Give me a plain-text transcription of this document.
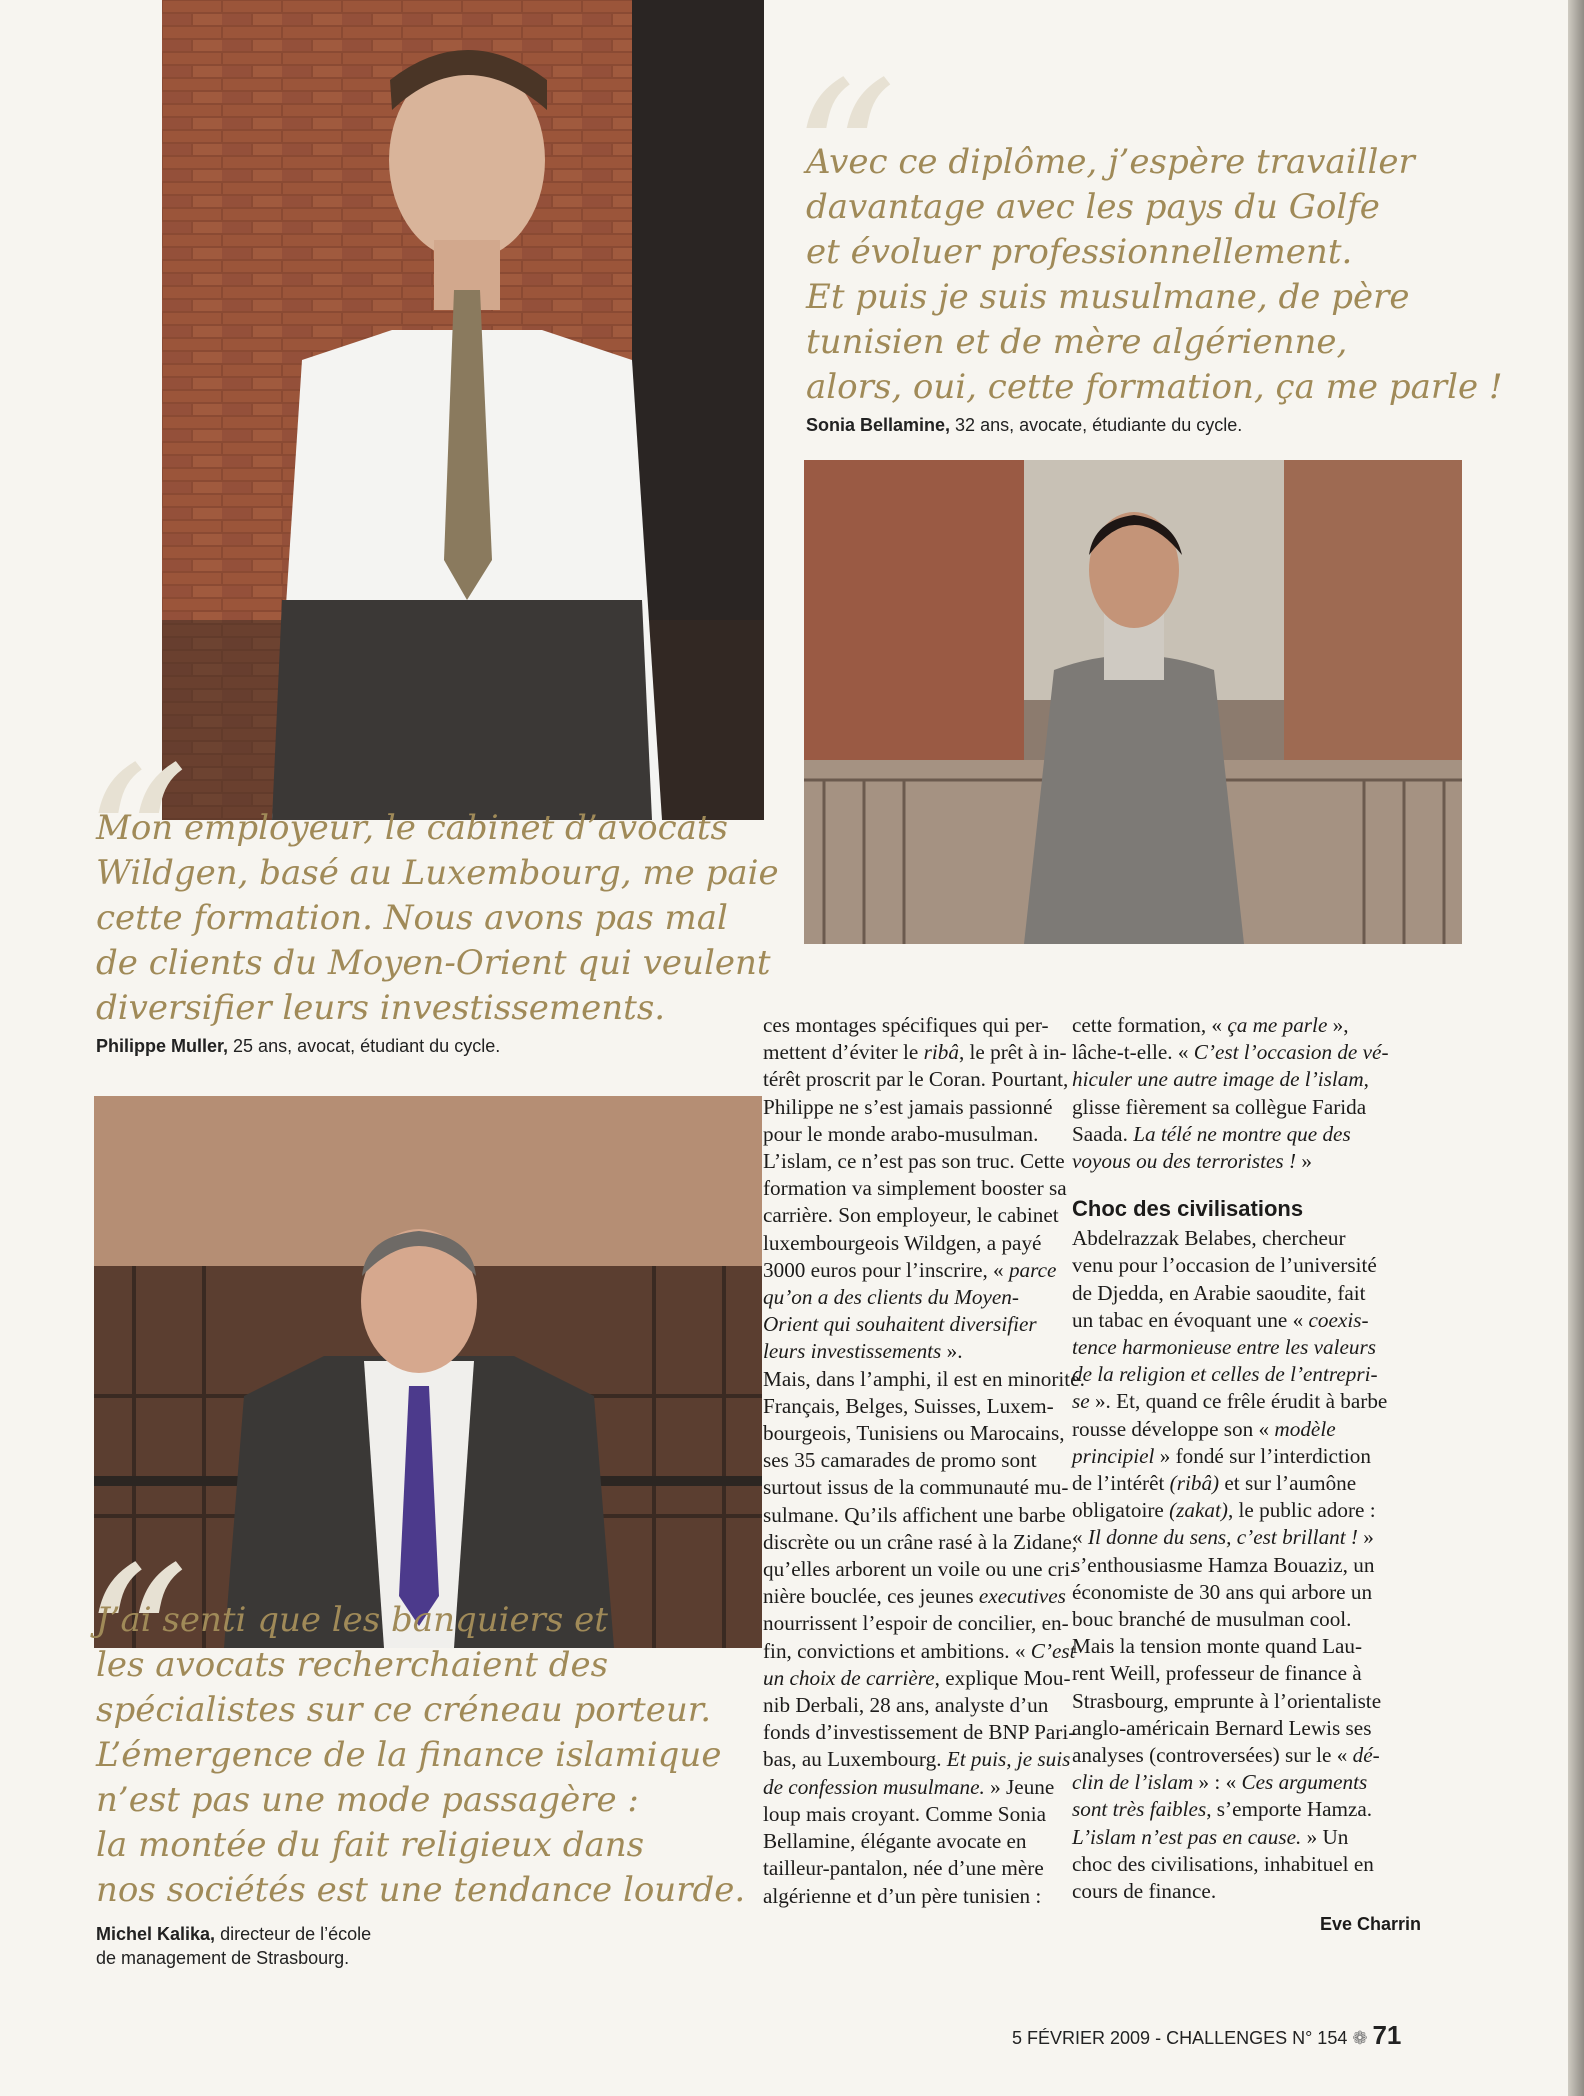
“
Avec ce diplôme, j’espère travailler
davantage avec les pays du Golfe
et évoluer professionnellement.
Et puis je suis musulmane, de père
tunisien et de mère algérienne,
alors, oui, cette formation, ça me parle !
Sonia Bellamine, 32 ans, avocate, étudiante du cycle.
“
Mon employeur, le cabinet d’avocats
Wildgen, basé au Luxembourg, me paie
cette formation. Nous avons pas mal
de clients du Moyen-Orient qui veulent
diversifier leurs investissements.
Philippe Muller, 25 ans, avocat, étudiant du cycle.
“
J’ai senti que les banquiers et
les avocats recherchaient des
spécialistes sur ce créneau porteur.
L’émergence de la finance islamique
n’est pas une mode passagère :
la montée du fait religieux dans
nos sociétés est une tendance lourde.
Michel Kalika, directeur de l’école
de management de Strasbourg.
ces montages spécifiques qui per-
mettent d’éviter le ribâ, le prêt à in-
térêt proscrit par le Coran. Pourtant,
Philippe ne s’est jamais passionné
pour le monde arabo-musulman.
L’islam, ce n’est pas son truc. Cette
formation va simplement booster sa
carrière. Son employeur, le cabinet
luxembourgeois Wildgen, a payé
3000 euros pour l’inscrire, « parce
qu’on a des clients du Moyen-
Orient qui souhaitent diversifier
leurs investissements ».
Mais, dans l’amphi, il est en minorité.
Français, Belges, Suisses, Luxem-
bourgeois, Tunisiens ou Marocains,
ses 35 camarades de promo sont
surtout issus de la communauté mu-
sulmane. Qu’ils affichent une barbe
discrète ou un crâne rasé à la Zidane,
qu’elles arborent un voile ou une cri-
nière bouclée, ces jeunes executives
nourrissent l’espoir de concilier, en-
fin, convictions et ambitions. « C’est
un choix de carrière, explique Mou-
nib Derbali, 28 ans, analyste d’un
fonds d’investissement de BNP Pari-
bas, au Luxembourg. Et puis, je suis
de confession musulmane. » Jeune
loup mais croyant. Comme Sonia
Bellamine, élégante avocate en
tailleur-pantalon, née d’une mère
algérienne et d’un père tunisien :
cette formation, « ça me parle »,
lâche-t-elle. « C’est l’occasion de vé-
hiculer une autre image de l’islam,
glisse fièrement sa collègue Farida
Saada. La télé ne montre que des
voyous ou des terroristes ! »
Choc des civilisations
Abdelrazzak Belabes, chercheur
venu pour l’occasion de l’université
de Djedda, en Arabie saoudite, fait
un tabac en évoquant une « coexis-
tence harmonieuse entre les valeurs
de la religion et celles de l’entrepri-
se ». Et, quand ce frêle érudit à barbe
rousse développe son « modèle
principiel » fondé sur l’interdiction
de l’intérêt (ribâ) et sur l’aumône
obligatoire (zakat), le public adore :
« Il donne du sens, c’est brillant ! »
s’enthousiasme Hamza Bouaziz, un
économiste de 30 ans qui arbore un
bouc branché de musulman cool.
Mais la tension monte quand Lau-
rent Weill, professeur de finance à
Strasbourg, emprunte à l’orientaliste
anglo-américain Bernard Lewis ses
analyses (controversées) sur le « dé-
clin de l’islam » : « Ces arguments
sont très faibles, s’emporte Hamza.
L’islam n’est pas en cause. » Un
choc des civilisations, inhabituel en
cours de finance.
Eve Charrin
5 FÉVRIER 2009 - CHALLENGES N° 154 ❁ 71
